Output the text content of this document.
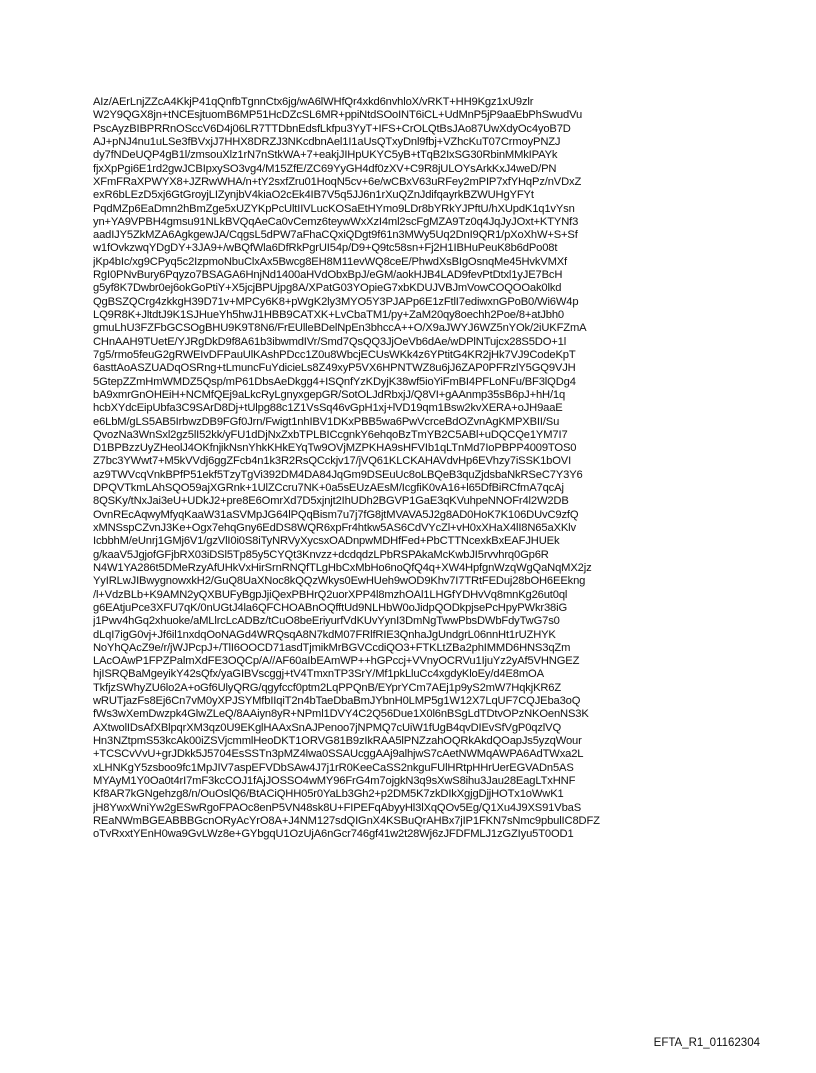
AIz/AErLnjZZcA4KkjP41qQnfbTgnnCtx6jg/wA6lWHfQr4xkd6nvhloX/vRKT+HH9Kgz1xU9zlr
W2Y9QGX8jn+tNCEsjtuomB6MP51HcDZcSL6MR+ppiNtdSOoINT6iCL+UdMnP5jP9aaEbPhSwudVu
PscAyzBIBPRRnOSccV6D4j06LR7TTDbnEdsfLkfpu3YyT+IFS+CrOLQtBsJAo87UwXdyOc4yoB7D
AJ+pNJ4nu1uLSe3fBVxjJ7HHX8DRZJ3NKcdbnAel1I1aUsQTxyDnl9fbj+VZhcKuT07CrmoyPNZJ
dy7fNDeUQP4gB1l/zmsouXlz1rN7nStkWA+7+eakjJIHpUKYC5yB+tTqB2IxSG30RbinMMkIPAYk
fjxXpPgi6E1rd2gwJCBIpxySO3vg4/M15ZfE/ZC69YyGH4df0zXV+C9R8jULOYsArkKxJ4weD/PN
XFmFRaXPWYX8+JZRwWHA/n+tY2sxfZru01HoqN5cv+6e/wCBxV63uRFey2mPIP7xfYHqPz/nVDxZ
exR6bLEzD5xj6GtGroyjLIZynjbV4kiaO2cEk4IB7V5q5JJ6n1rXuQZnJdifqayrkBZWUHgYFYt
PqdMZp6EaDmn2hBmZge5xUZYKpPcUltIIVLucKOSaEtHYmo9LDr8bYRkYJPftU/hXUpdK1q1vYsn
yn+YA9VPBH4gmsu91NLkBVQqAeCa0vCemz6teywWxXzI4ml2scFgMZA9Tz0q4JqJyJOxt+KTYNf3
aadIJY5ZkMZA6AgkgewJA/CqgsL5dPW7aFhaCQxiQDgt9f61n3MWy5Uq2DnI9QR1/pXoXhW+S+Sf
w1fOvkzwqYDgDY+3JA9+/wBQfWla6DfRkPgrUI54p/D9+Q9tc58sn+Fj2H1IBHuPeuK8b6dPo08t
jKp4bIc/xg9CPyq5c2IzpmoNbuClxAx5Bwcg8EH8M11evWQ8ceE/PhwdXsBIgOsnqMe45HvkVMXf
RgI0PNvBury6Pqyzo7BSAGA6HnjNd1400aHVdObxBpJ/eGM/aokHJB4LAD9fevPtDtxl1yJE7BcH
g5yf8K7Dwbr0ej6okGoPtiY+X5jcjBPUjpg8A/XPatG03YOpieG7xbKDUJVBJmVowCOQOOak0lkd
QgBSZQCrg4zkkgH39D71v+MPCy6K8+pWgK2ly3MYO5Y3PJAPp6E1zFtlI7ediwxnGPoB0/Wi6W4p
LQ9R8K+JltdtJ9K1SJHueYh5hwJ1HBB9CATXK+LvCbaTM1/py+ZaM20qy8oechh2Poe/8+atJbh0
gmuLhU3FZFbGCSOgBHU9K9T8N6/FrEUlleBDelNpEn3bhccA++O/X9aJWYJ6WZ5nYOk/2iUKFZmA
CHnAAH9TUetE/YJRgDkD9f8A61b3ibwmdIVr/Smd7QsQQ3JjOeVb6dAe/wDPlNTujcx28S5DO+1l
7g5/rmo5feuG2gRWEIvDFPauUlKAshPDcc1Z0u8WbcjECUsWKk4z6YPtitG4KR2jHk7VJ9CodeKpT
6asttAoASZUADqOSRng+tLmuncFuYdicieLs8Z49xyP5VX6HPNTWZ8u6jJ6ZAP0PFRzlY5GQ9VJH
5GtepZZmHmWMDZ5Qsp/mP61DbsAeDkgg4+ISQnfYzKDyjK38wf5ioYiFmBI4PFLoNFu/BF3lQDg4
bA9xmrGnOHEiH+NCMfQEj9aLkcRyLgnyxgepGR/SotOLJdRbxjJ/Q8VI+gAAnmp35sB6pJ+hH/1q
hcbXYdcEipUbfa3C9SArD8Dj+tUlpg88c1Z1VsSq46vGpH1xj+lVD19qm1Bsw2kvXERA+oJH9aaE
e6LbM/gLS5AB5IrbwzDB9FGf0Jrn/Fwigt1nhIBV1DKxPBB5wa6PwVcrceBdOZvnAgKMPXBII/Su
QvozNa3WnSxl2gz5lI52kk/yFU1dDjNxZxbTPLBICcgnkY6ehqoBzTmYB2C5ABl+uDQCQe1YM7I7
D1BPBzzUyZHeolJ4OKfnjikNsnYhkKHkEYqTw9OVjMZPKHA9sHFVIb1qLTnMd7IoPBPP4009TOS0
Z7bc3YWwt7+M5kVVdj6ggZFcb4n1k3R2RsQCckjv17/jVQ61KLCKAHAVdvHp6EVhzy7iSSK1bOVI
az9TWVcqVnkBPfP51ekf5TzyTgVi392DM4DA84JqGm9DSEuUc8oLBQeB3quZjdsbaNkRSeC7Y3Y6
DPQVTkmLAhSQO59ajXGRnk+1UlZCcru7NK+0a5sEUzAEsM/IcgfiK0vA16+l65DfBiRCfmA7qcAj
8QSKy/tNxJai3eU+UDkJ2+pre8E6OmrXd7D5xjnjt2IhUDh2BGVP1GaE3qKVuhpeNNOFr4l2W2DB
OvnREcAqwyMfyqKaaW31aSVMpJG64lPQqBism7u7j7fG8jtMVAVA5J2g8AD0HoK7K106DUvC9zfQ
xMNSspCZvnJ3Ke+Ogx7ehqGny6EdDS8WQR6xpFr4htkw5AS6CdVYcZl+vH0xXHaX4lI8N65aXKlv
IcbbhM/eUnrj1GMj6V1/gzVlI0i0S8iTyNRVyXycsxOADnpwMDHfFed+PbCTTNcexkBxEAFJHUEk
g/kaaV5JgjofGFjbRX03iDSl5Tp85y5CYQt3Knvzz+dcdqdzLPbRSPAkaMcKwbJI5rvvhrq0Gp6R
N4W1YA286t5DMeRzyAfUHkVxHirSrnRNQfTLgHbCxMbHo6noQfQ4q+XW4HpfgnWzqWgQaNqMX2jz
YyIRLwJIBwygnowxkH2/GuQ8UaXNoc8kQQzWkys0EwHUeh9wOD9Khv7I7TRtFEDuj28bOH6EEkng
/l+VdzBLb+K9AMN2yQXBUFyBgpJjiQexPBHrQ2uorXPP4l8mzhOAl1LHGfYDHvVq8mnKg26ut0ql
g6EAtjuPce3XFU7qK/0nUGtJ4la6QFCHOABnOQfftUd9NLHbW0oJidpQODkpjsePcHpyPWkr38iG
j1Pwv4hGq2xhuoke/aMLlrcLcADBz/tCuO8beEriyurfVdKUvYynI3DmNgTwwPbsDWbFdyTwG7s0
dLqI7igG0vj+Jf6il1nxdqOoNAGd4WRQsqA8N7kdM07FRlfRIE3QnhaJgUndgrL06nnHt1rUZHYK
NoYhQAcZ9e/r/jWJPcpJ+/TlI6OOCD71asdTjmikMrBGVCcdiQO3+FTKLtZBa2phIMMD6HNS3qZm
LAcOAwP1FPZPalmXdFE3OQCp/A//AF60aIbEAmWP++hGPccj+VVnyOCRVu1IjuYz2yAf5VHNGEZ
hjISRQBaMgeyikY42sQfx/yaGIBVscggj+tV4TmxnTP3SrY/Mf1pkLluCc4xgdyKloEy/d4E8mOA
TkfjzSWhyZU6lo2A+oGf6UlyQRG/qgyfccf0ptm2LqPPQnB/EYprYCm7AEj1p9yS2mW7HqkjKR6Z
wRUTjazFs8Ej6Cn7vM0yXPJSYMfbIIqiT2n4bTaeDbaBmJYbnH0LMP5g1W12X7LqUF7CQJEba3oQ
fWs3wXemDwzpk4GlwZLeQ/8AAiyn8yR+NPml1DVY4C2Q56Due1X0l6nBSgLdTDtvOPzNKOenNS3K
AXtwolIDsAfXBlpqrXM3qz0U9EKglHAAxSnAJPenoo7jNPMQ7cUiW1fUgB4qvDIEvSfVgP0qzlVQ
Hn3NZtpmS53kcAk00iZSVjcmmlHeoDKT1ORVG81B9zIkRAA5lPNZzahOQRkAkdQOapJs5yzqWour
+TCSCvVvU+grJDkk5J5704EsSSTn3pMZ4lwa0SSAUcggAAj9alhjwS7cAetNWMqAWPA6AdTWxa2L
xLHNKgY5zsboo9fc1MpJIV7aspEFVDbSAw4J7j1rR0KeeCaSS2nkguFUlHRtpHHrUerEGVADn5AS
MYAyM1Y0Oa0t4rI7mF3kcCOJ1fAjJOSSO4wMY96FrG4m7ojgkN3q9sXwS8ihu3Jau28EagLTxHNF
Kf8AR7kGNgehzg8/n/OuOslQ6/BtACiQHH05r0YaLb3Gh2+p2DM5K7zkDIkXgjgDjjHOTx1oWwK1
jH8YwxWniYw2gESwRgoFPAOc8enP5VN48sk8U+FIPEFqAbyyHl3lXqQOv5Eg/Q1Xu4J9XS91VbaS
REaNWmBGEABBBGcnORyAcYrO8A+J4NM127sdQIGnX4KSBuQrAHBx7jIP1FKN7sNmc9pbulIC8DFZ
oTvRxxtYEnH0wa9GvLWz8e+GYbgqU1OzUjA6nGcr746gf41w2t28Wj6zJFDFMLJ1zGZIyu5T0OD1
EFTA_R1_01162304
